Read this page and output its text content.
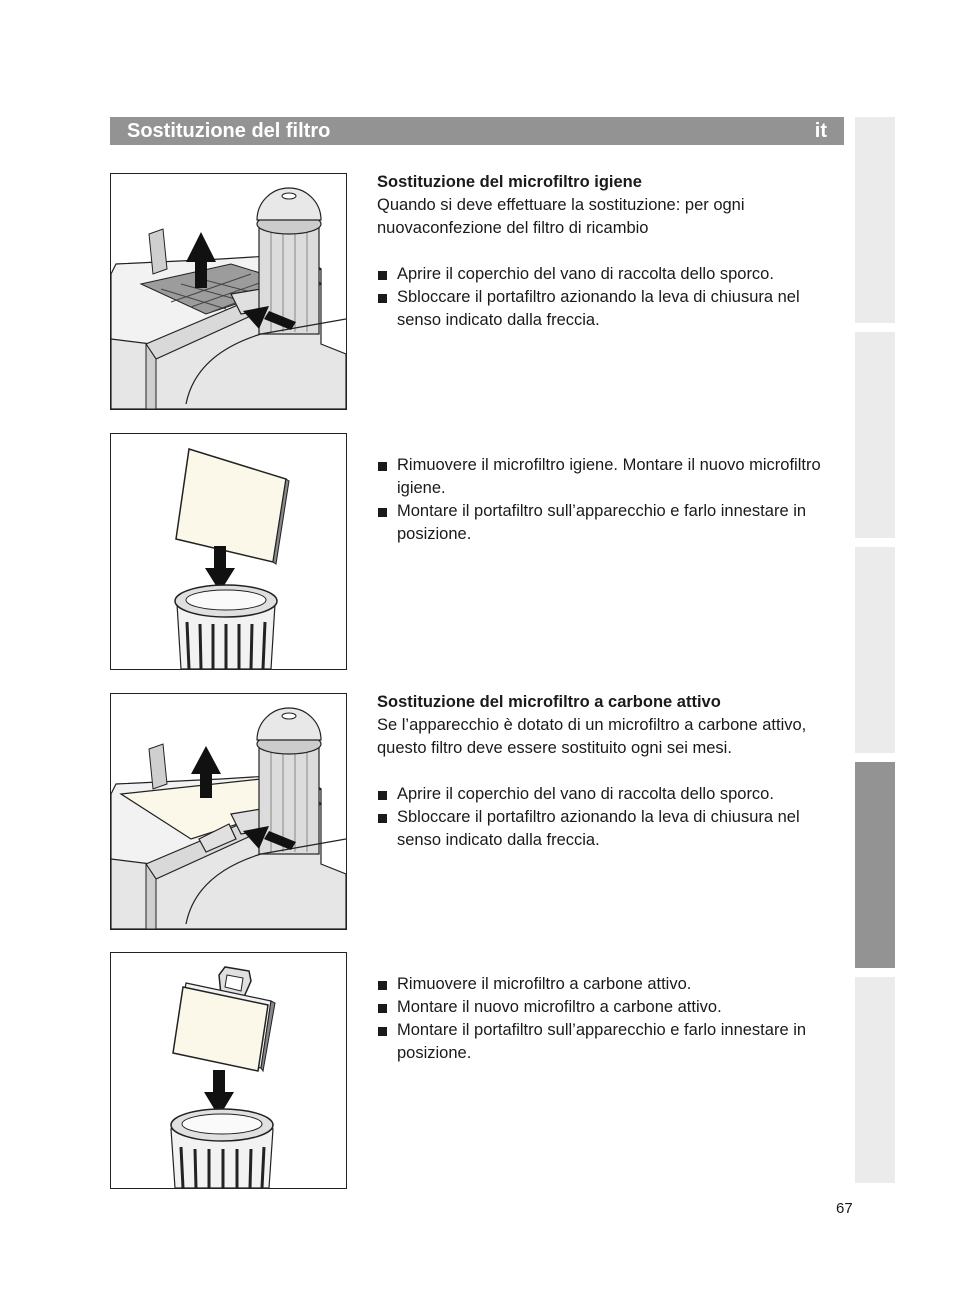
Sostituzione del filtro	it

Sostituzione del microfiltro igiene

Quando si deve effettuare la sostituzione: per ogni nuovaconfezione del filtro di ricambio

Aprire il coperchio del vano di raccolta dello sporco.
Sbloccare il portafiltro azionando la leva di chiusura nel senso indicato dalla freccia.
Rimuovere il microfiltro igiene. Montare il nuovo microfiltro igiene.
Montare il portafiltro sull’apparecchio e farlo innestare in posizione.

Sostituzione del microfiltro a carbone attivo

Se l’apparecchio è dotato di un microfiltro a carbone attivo, questo filtro deve essere sostituito ogni sei mesi.

Aprire il coperchio del vano di raccolta dello sporco.
Sbloccare il portafiltro azionando la leva di chiusura nel senso indicato dalla freccia.
Rimuovere il microfiltro a carbone attivo.
Montare il nuovo microfiltro a carbone attivo.
Montare il portafiltro sull’apparecchio e farlo innestare in posizione.
67
